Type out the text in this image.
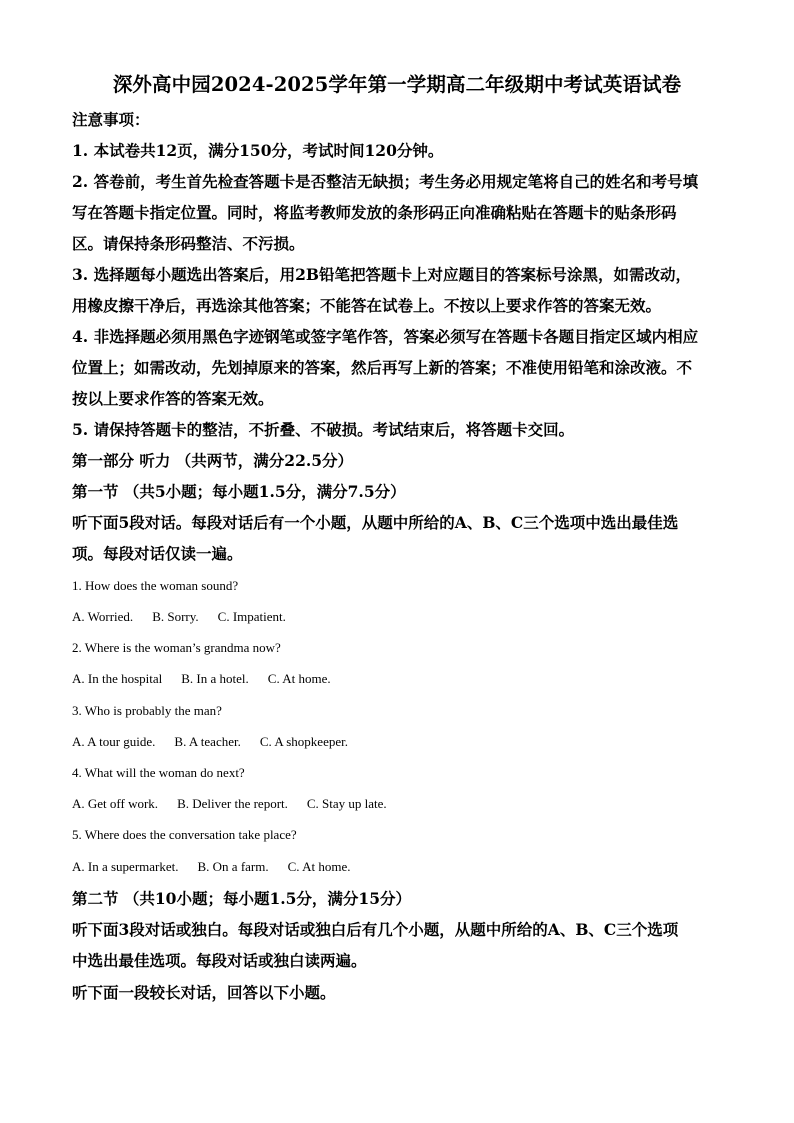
深外高中园2024-2025学年第一学期高二年级期中考试英语试卷
注意事项：
1. 本试卷共12页，满分150分，考试时间120分钟。
2. 答卷前，考生首先检查答题卡是否整洁无缺损；考生务必用规定笔将自己的姓名和考号填
写在答题卡指定位置。同时，将监考教师发放的条形码正向准确粘贴在答题卡的贴条形码
区。请保持条形码整洁、不污损。
3. 选择题每小题选出答案后，用2B铅笔把答题卡上对应题目的答案标号涂黑，如需改动，
用橡皮擦干净后，再选涂其他答案；不能答在试卷上。不按以上要求作答的答案无效。
4. 非选择题必须用黑色字迹钢笔或签字笔作答，答案必须写在答题卡各题目指定区域内相应
位置上；如需改动，先划掉原来的答案，然后再写上新的答案；不准使用铅笔和涂改液。不
按以上要求作答的答案无效。
5. 请保持答题卡的整洁，不折叠、不破损。考试结束后，将答题卡交回。
第一部分 听力 （共两节，满分22.5分）
第一节 （共5小题；每小题1.5分，满分7.5分）
听下面5段对话。每段对话后有一个小题，从题中所给的A、B、C三个选项中选出最佳选
项。每段对话仅读一遍。
1. How does the woman sound?
A. Worried. B. Sorry. C. Impatient.
2. Where is the woman’s grandma now?
A. In the hospital B. In a hotel. C. At home.
3. Who is probably the man?
A. A tour guide. B. A teacher. C. A shopkeeper.
4. What will the woman do next?
A. Get off work. B. Deliver the report. C. Stay up late.
5. Where does the conversation take place?
A. In a supermarket. B. On a farm. C. At home.
第二节 （共10小题；每小题1.5分，满分15分）
听下面3段对话或独白。每段对话或独白后有几个小题，从题中所给的A、B、C三个选项
中选出最佳选项。每段对话或独白读两遍。
听下面一段较长对话，回答以下小题。
